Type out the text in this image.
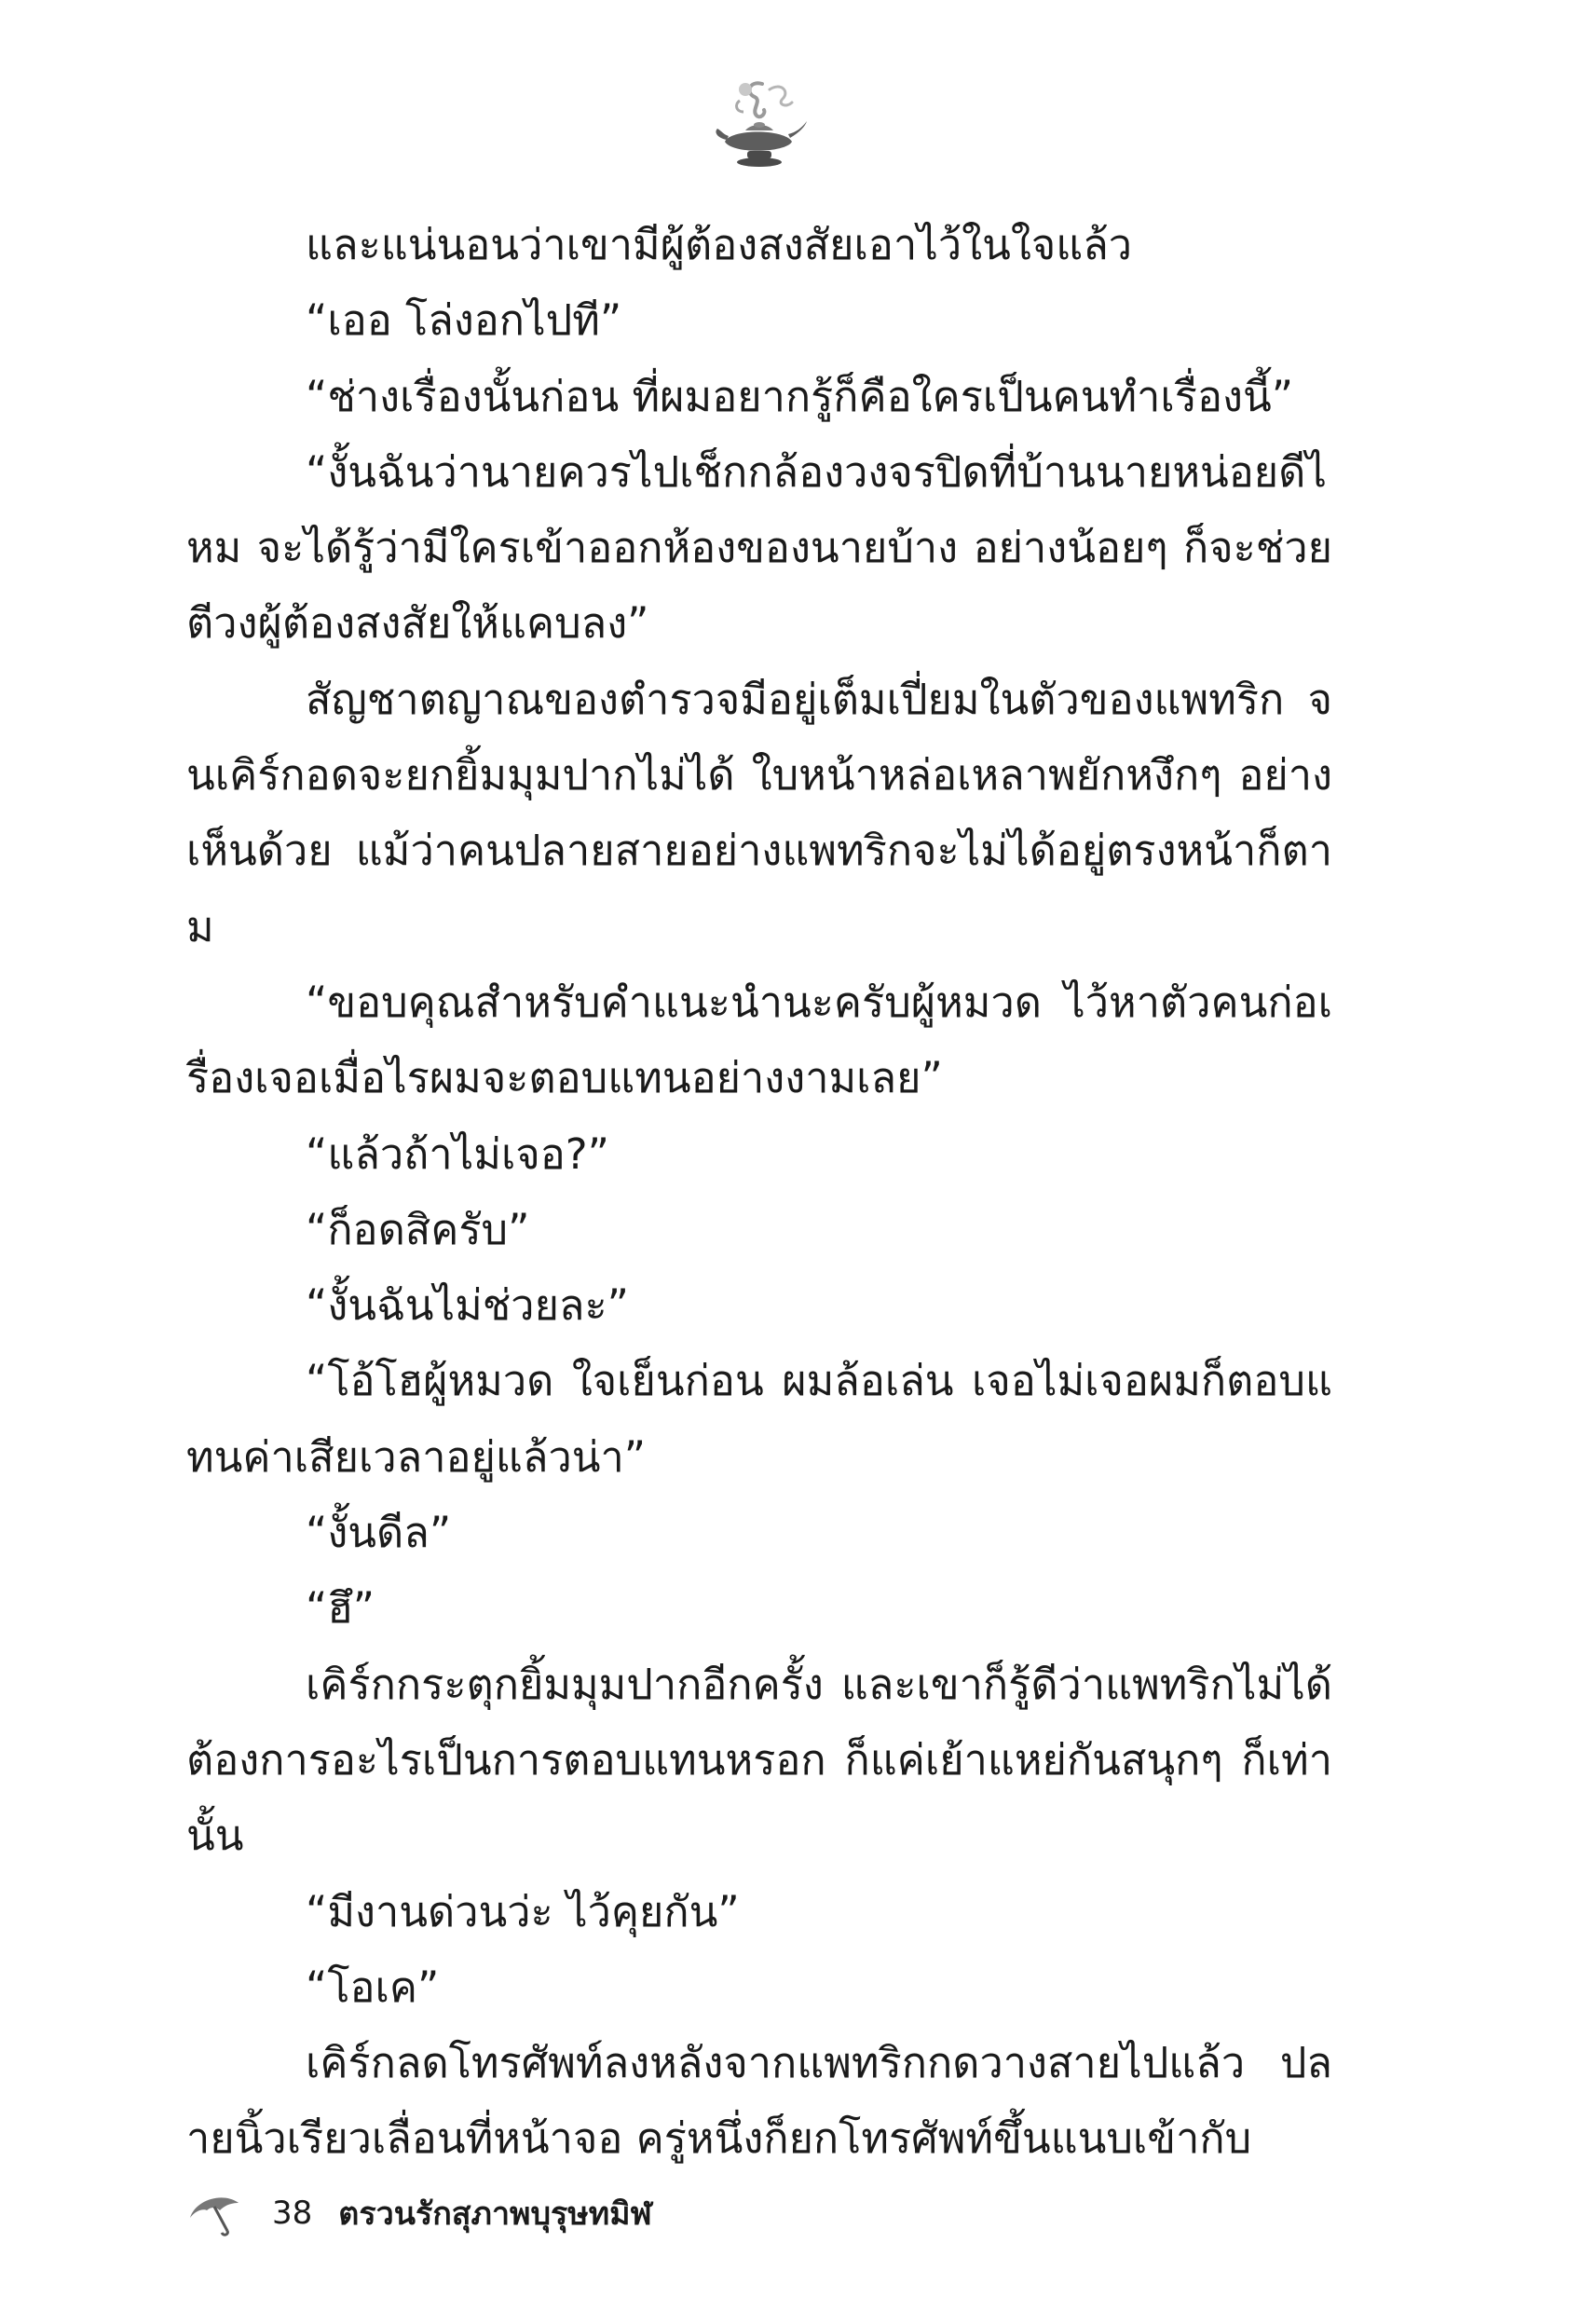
และแน่นอนว่าเขามีผู้ต้องสงสัยเอาไว้ในใจแล้ว

“เออ โล่งอกไปที”

“ช่างเรื่องนั้นก่อน ที่ผมอยากรู้ก็คือใครเป็นคนทำเรื่องนี้”

“งั้นฉันว่านายควรไปเช็กกล้องวงจรปิดที่บ้านนายหน่อยดีไหม จะได้รู้ว่ามีใครเข้าออกห้องของนายบ้าง อย่างน้อยๆ ก็จะช่วยตีวงผู้ต้องสงสัยให้แคบลง”

สัญชาตญาณของตำรวจมีอยู่เต็มเปี่ยมในตัวของแพทริก จนเคิร์กอดจะยกยิ้มมุมปากไม่ได้ ใบหน้าหล่อเหลาพยักหงึกๆ อย่างเห็นด้วย แม้ว่าคนปลายสายอย่างแพทริกจะไม่ได้อยู่ตรงหน้าก็ตาม

“ขอบคุณสำหรับคำแนะนำนะครับผู้หมวด ไว้หาตัวคนก่อเรื่องเจอเมื่อไรผมจะตอบแทนอย่างงามเลย”

“แล้วถ้าไม่เจอ?”

“ก็อดสิครับ”

“งั้นฉันไม่ช่วยละ”

“โอ้โฮผู้หมวด ใจเย็นก่อน ผมล้อเล่น เจอไม่เจอผมก็ตอบแทนค่าเสียเวลาอยู่แล้วน่า”

“งั้นดีล”

“ฮึ”

เคิร์กกระตุกยิ้มมุมปากอีกครั้ง และเขาก็รู้ดีว่าแพทริกไม่ได้ต้องการอะไรเป็นการตอบแทนหรอก ก็แค่เย้าแหย่กันสนุกๆ ก็เท่านั้น

“มีงานด่วนว่ะ ไว้คุยกัน”

“โอเค”

เคิร์กลดโทรศัพท์ลงหลังจากแพทริกกดวางสายไปแล้ว ปลายนิ้วเรียวเลื่อนที่หน้าจอ ครู่หนึ่งก็ยกโทรศัพท์ขึ้นแนบเข้ากับ

38 ตรวนรักสุภาพบุรุษทมิฬ
